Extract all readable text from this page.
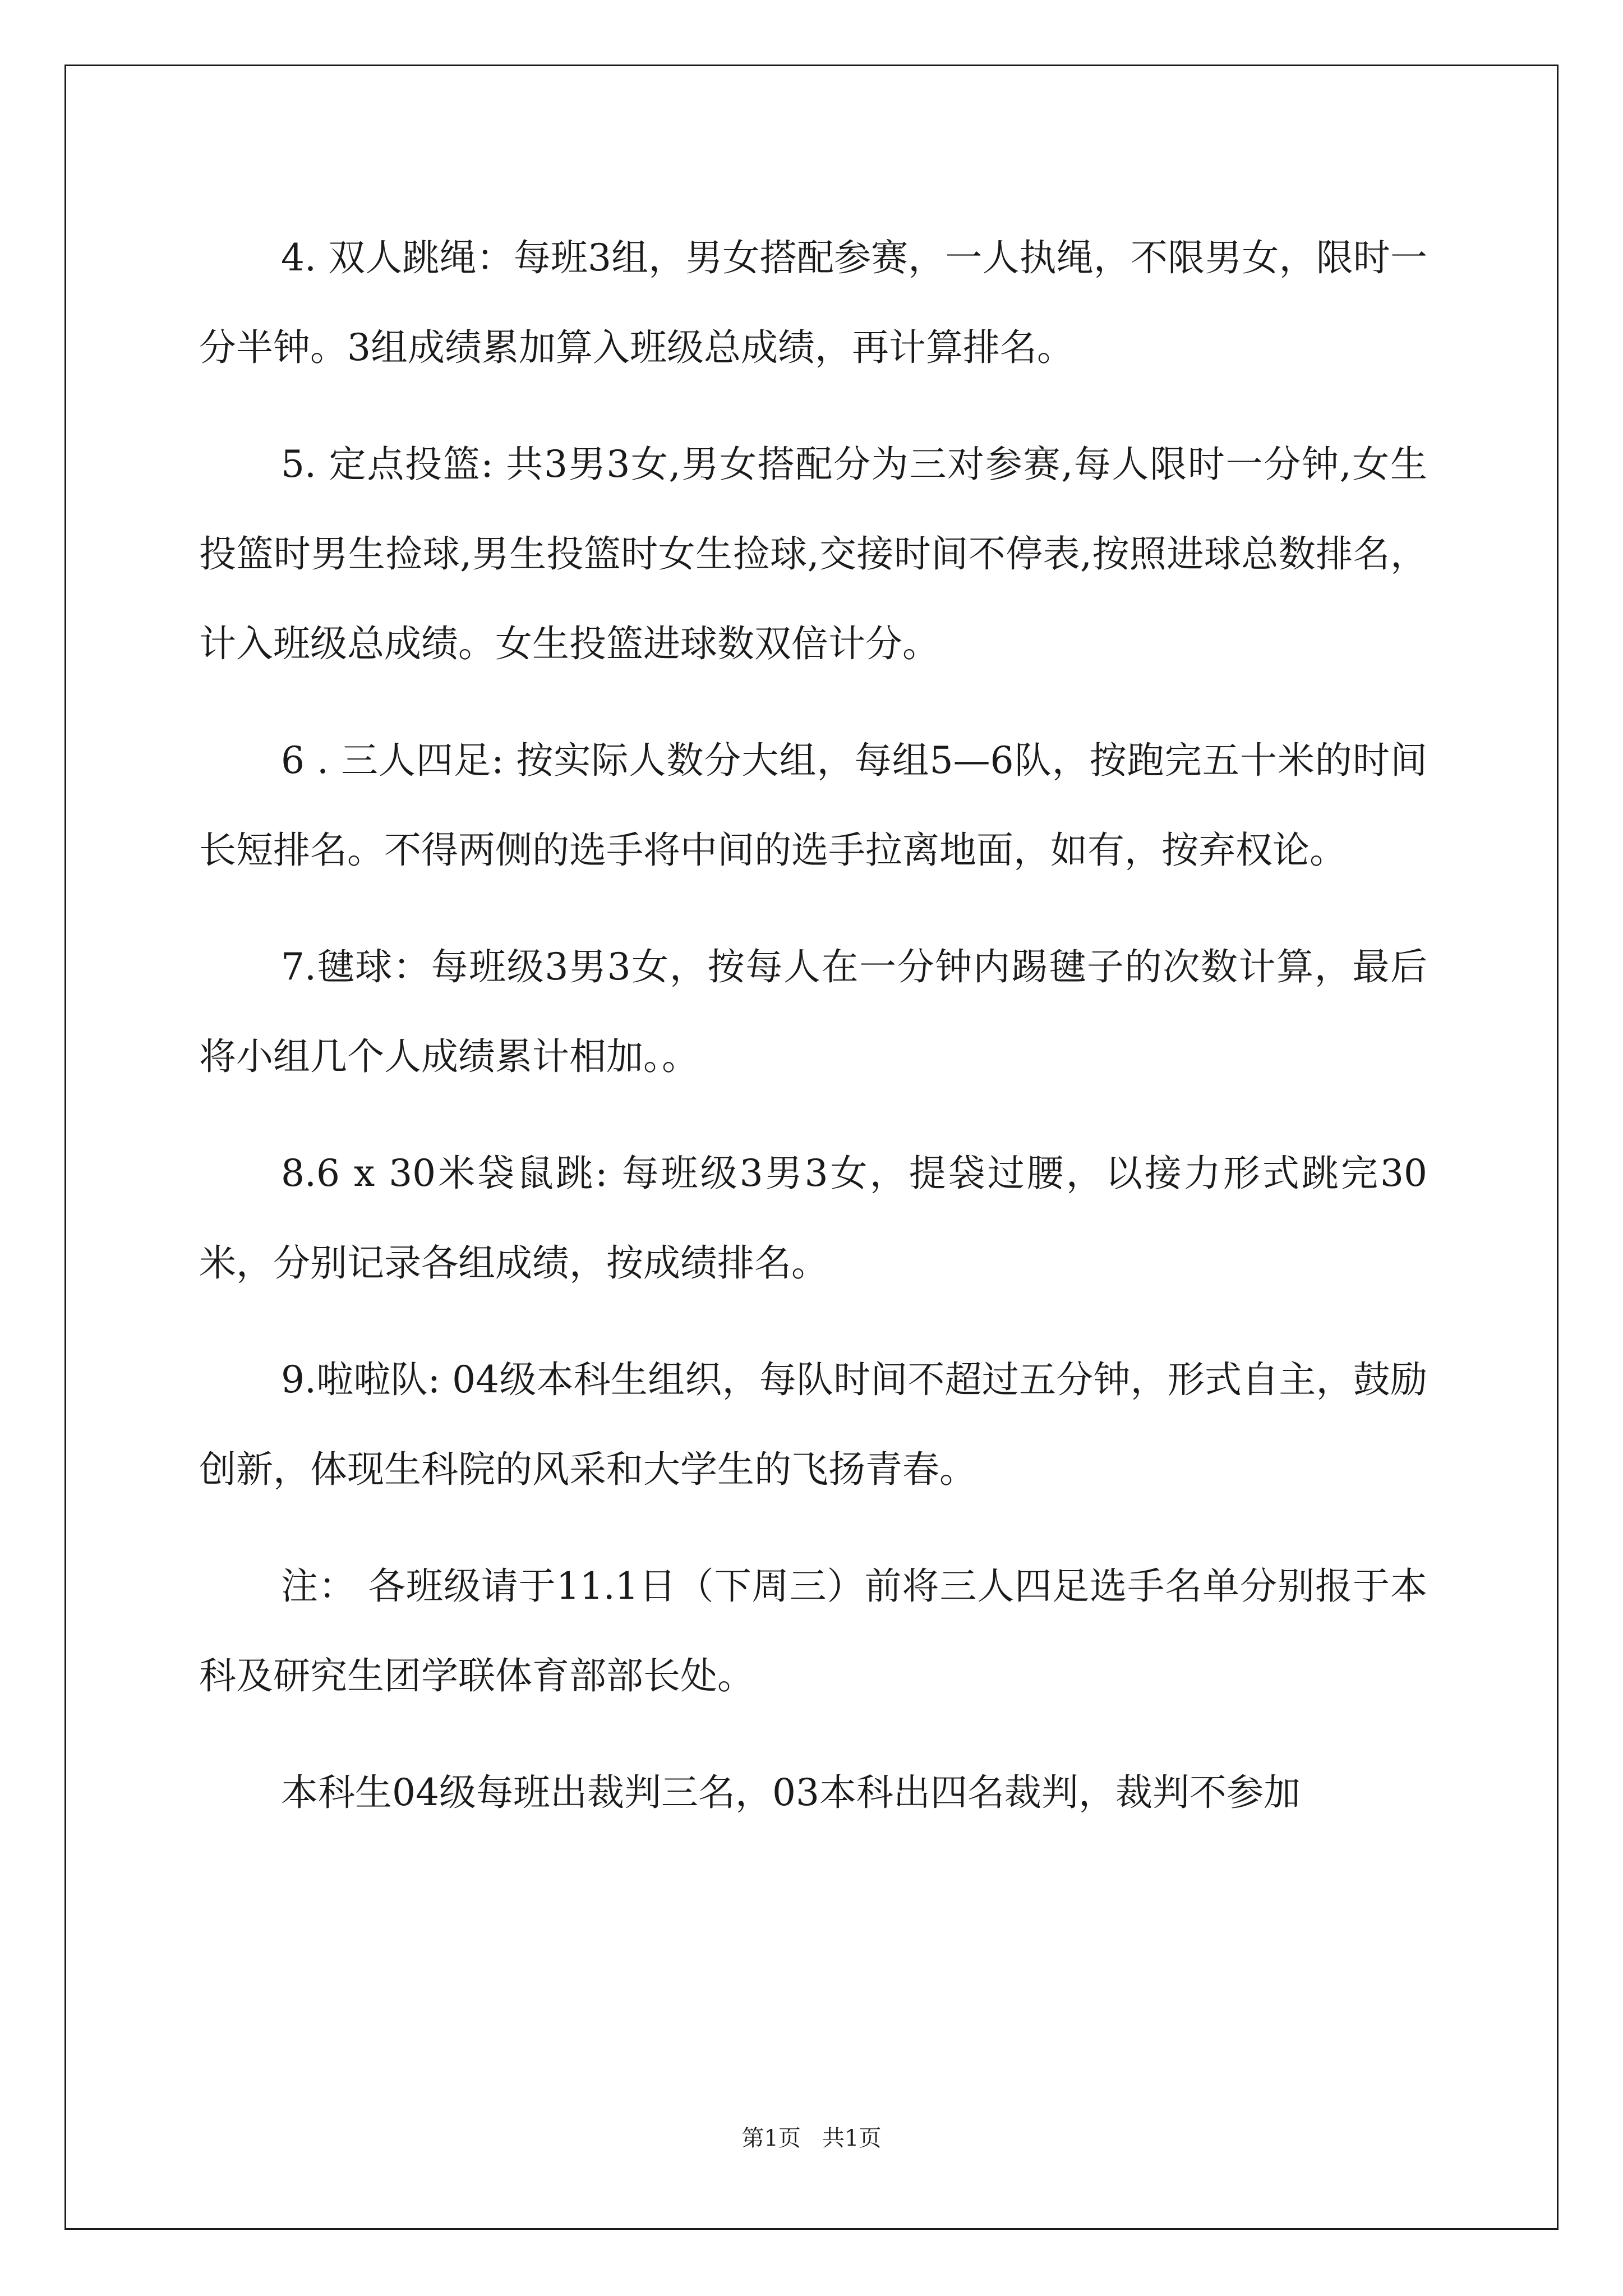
4. 双人跳绳：每班3组，男女搭配参赛，一人执绳，不限男女，限时一分半钟。3组成绩累加算入班级总成绩，再计算排名。

5. 定点投篮: 共3男3女,男女搭配分为三对参赛,每人限时一分钟,女生投篮时男生捡球,男生投篮时女生捡球,交接时间不停表,按照进球总数排名，计入班级总成绩。女生投篮进球数双倍计分。

6 . 三人四足: 按实际人数分大组，每组5—6队，按跑完五十米的时间长短排名。不得两侧的选手将中间的选手拉离地面，如有，按弃权论。

7.毽球：每班级3男3女，按每人在一分钟内踢毽子的次数计算，最后将小组几个人成绩累计相加。。

8.6 x 30米袋鼠跳: 每班级3男3女，提袋过腰，以接力形式跳完30米，分别记录各组成绩，按成绩排名。

9.啦啦队: 04级本科生组织，每队时间不超过五分钟，形式自主，鼓励创新，体现生科院的风采和大学生的飞扬青春。

注： 各班级请于11.1日（下周三）前将三人四足选手名单分别报于本科及研究生团学联体育部部长处。

本科生04级每班出裁判三名，03本科出四名裁判，裁判不参加

第1页   共1页
